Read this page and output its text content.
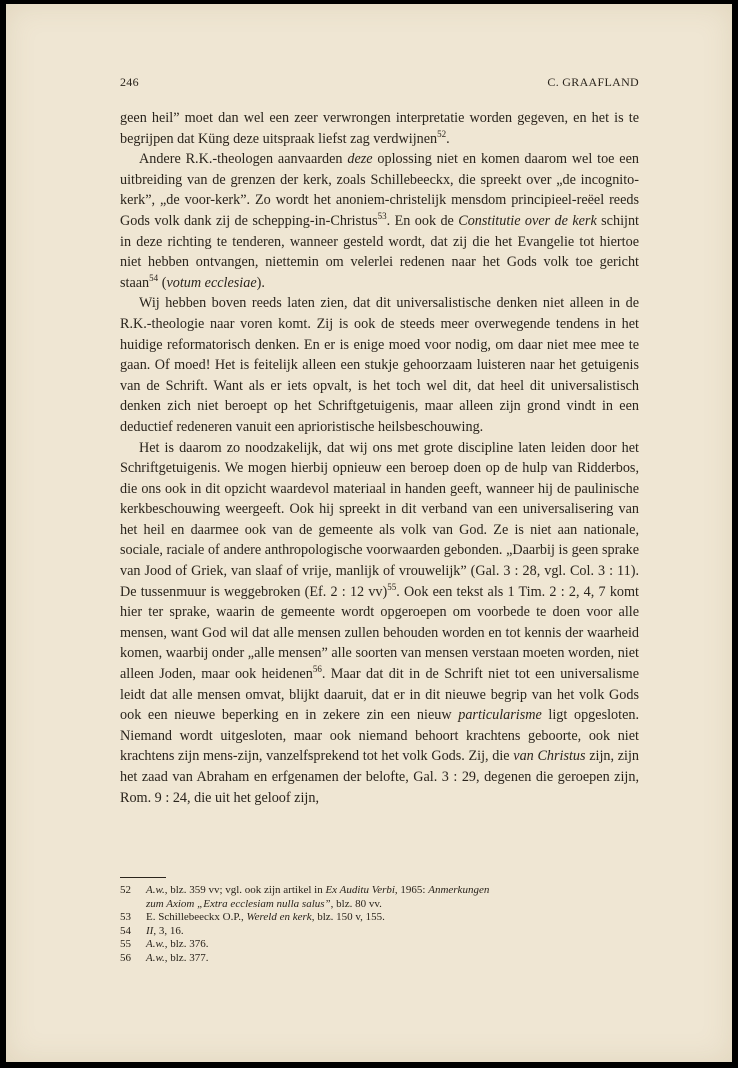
246	C. GRAAFLAND

geen heil” moet dan wel een zeer verwrongen interpretatie worden gegeven, en het is te begrijpen dat Küng deze uitspraak liefst zag verdwijnen$^{52}$.

Andere R.K.-theologen aanvaarden deze oplossing niet en komen daarom wel toe een uitbreiding van de grenzen der kerk, zoals Schillebeeckx, die spreekt over „de incognito-kerk”, „de voor-kerk”. Zo wordt het anoniem-christelijk mensdom principieel-reëel reeds Gods volk dank zij de schepping-in-Christus$^{53}$. En ook de Constitutie over de kerk schijnt in deze richting te tenderen, wanneer gesteld wordt, dat zij die het Evangelie tot hiertoe niet hebben ontvangen, niettemin om velerlei redenen naar het Gods volk toe gericht staan$^{54}$ (votum ecclesiae).

Wij hebben boven reeds laten zien, dat dit universalistische denken niet alleen in de R.K.-theologie naar voren komt. Zij is ook de steeds meer overwegende tendens in het huidige reformatorisch denken. En er is enige moed voor nodig, om daar niet mee mee te gaan. Of moed! Het is feitelijk alleen een stukje gehoorzaam luisteren naar het getuigenis van de Schrift. Want als er iets opvalt, is het toch wel dit, dat heel dit universalistisch denken zich niet beroept op het Schriftgetuigenis, maar alleen zijn grond vindt in een deductief redeneren vanuit een aprioristische heilsbeschouwing.

Het is daarom zo noodzakelijk, dat wij ons met grote discipline laten leiden door het Schriftgetuigenis. We mogen hierbij opnieuw een beroep doen op de hulp van Ridderbos, die ons ook in dit opzicht waardevol materiaal in handen geeft, wanneer hij de paulinische kerkbeschouwing weergeeft. Ook hij spreekt in dit verband van een universalisering van het heil en daarmee ook van de gemeente als volk van God. Ze is niet aan nationale, sociale, raciale of andere anthropologische voorwaarden gebonden. „Daarbij is geen sprake van Jood of Griek, van slaaf of vrije, manlijk of vrouwelijk” (Gal. 3 : 28, vgl. Col. 3 : 11). De tussenmuur is weggebroken (Ef. 2 : 12 vv)$^{55}$. Ook een tekst als 1 Tim. 2 : 2, 4, 7 komt hier ter sprake, waarin de gemeente wordt opgeroepen om voorbede te doen voor alle mensen, want God wil dat alle mensen zullen behouden worden en tot kennis der waarheid komen, waarbij onder „alle mensen” alle soorten van mensen verstaan moeten worden, niet alleen Joden, maar ook heidenen$^{56}$. Maar dat dit in de Schrift niet tot een universalisme leidt dat alle mensen omvat, blijkt daaruit, dat er in dit nieuwe begrip van het volk Gods ook een nieuwe beperking en in zekere zin een nieuw particularisme ligt opgesloten. Niemand wordt uitgesloten, maar ook niemand behoort krachtens geboorte, ook niet krachtens zijn mens-zijn, vanzelfsprekend tot het volk Gods. Zij, die van Christus zijn, zijn het zaad van Abraham en erfgenamen der belofte, Gal. 3 : 29, degenen die geroepen zijn, Rom. 9 : 24, die uit het geloof zijn,

52	A.w., blz. 359 vv; vgl. ook zijn artikel in Ex Auditu Verbi, 1965: Anmerkungen
zum Axiom „Extra ecclesiam nulla salus”, blz. 80 vv.
53	E. Schillebeeckx O.P., Wereld en kerk, blz. 150 v, 155.
54	II, 3, 16.
55	A.w., blz. 376.
56	A.w., blz. 377.
